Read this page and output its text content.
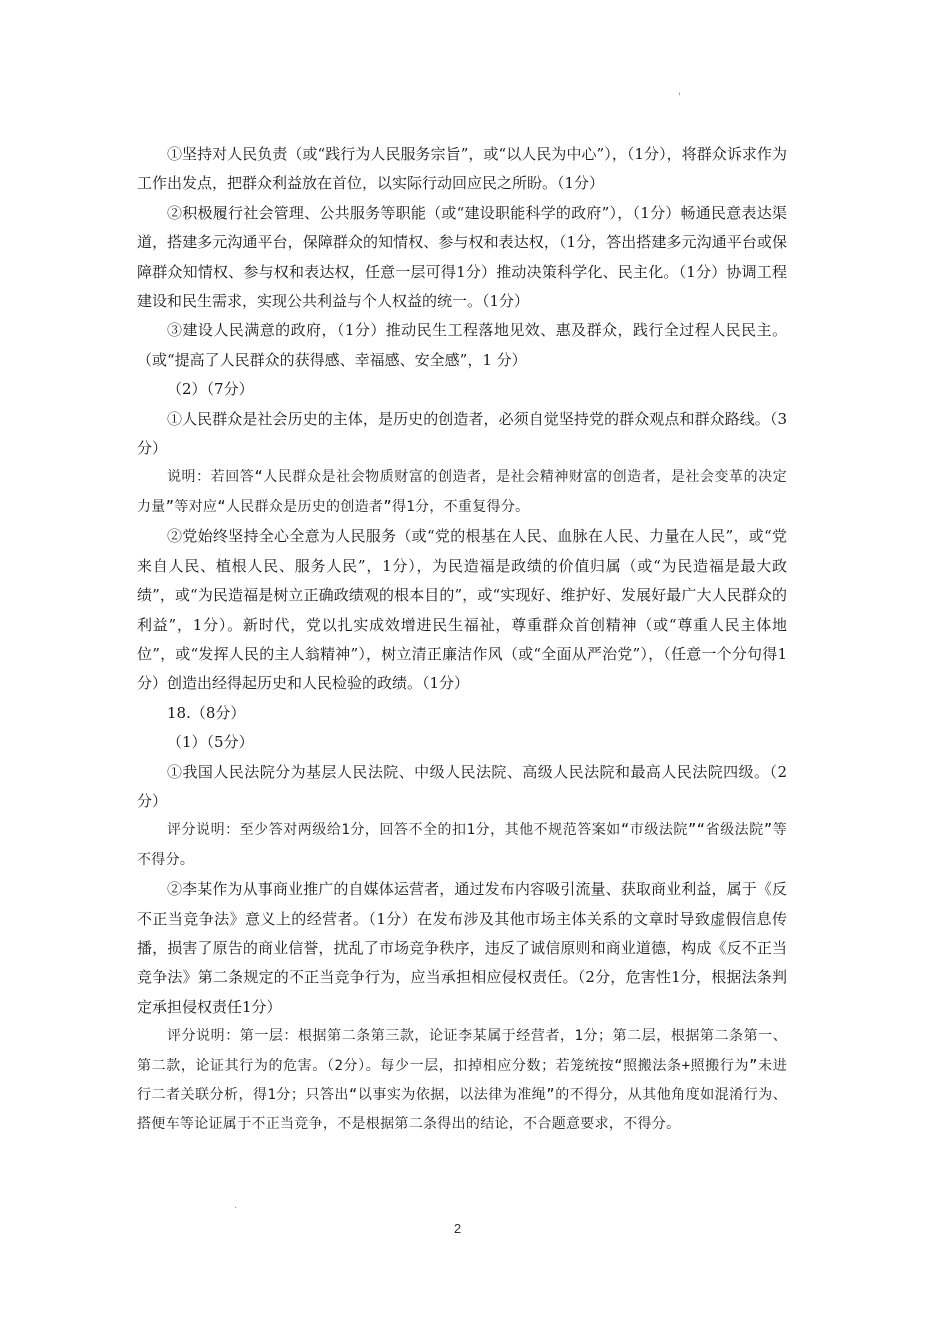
'

①坚持对人民负责（或“践行为人民服务宗旨”，或“以人民为中心”），（1分），将群众诉求作为工作出发点，把群众利益放在首位，以实际行动回应民之所盼。（1分）

②积极履行社会管理、公共服务等职能（或“建设职能科学的政府”），（1分）畅通民意表达渠道，搭建多元沟通平台，保障群众的知情权、参与权和表达权，（1分，答出搭建多元沟通平台或保障群众知情权、参与权和表达权，任意一层可得1分）推动决策科学化、民主化。（1分）协调工程建设和民生需求，实现公共利益与个人权益的统一。（1分）

③建设人民满意的政府，（1分）推动民生工程落地见效、惠及群众，践行全过程人民民主。（或“提高了人民群众的获得感、幸福感、安全感”，1 分）

（2）（7分）

①人民群众是社会历史的主体，是历史的创造者，必须自觉坚持党的群众观点和群众路线。（3 分）

说明：若回答“人民群众是社会物质财富的创造者，是社会精神财富的创造者，是社会变革的决定力量”等对应“人民群众是历史的创造者”得1分，不重复得分。

②党始终坚持全心全意为人民服务（或“党的根基在人民、血脉在人民、力量在人民”，或“党来自人民、植根人民、服务人民”，1分），为民造福是政绩的价值归属（或“为民造福是最大政绩”，或“为民造福是树立正确政绩观的根本目的”，或“实现好、维护好、发展好最广大人民群众的利益”，1分）。新时代，党以扎实成效增进民生福祉，尊重群众首创精神（或“尊重人民主体地位”，或“发挥人民的主人翁精神”），树立清正廉洁作风（或“全面从严治党”），（任意一个分句得1分）创造出经得起历史和人民检验的政绩。（1分）

18.（8分）

（1）（5分）

①我国人民法院分为基层人民法院、中级人民法院、高级人民法院和最高人民法院四级。（2分）

评分说明：至少答对两级给1分，回答不全的扣1分，其他不规范答案如“市级法院”“省级法院”等不得分。

②李某作为从事商业推广的自媒体运营者，通过发布内容吸引流量、获取商业利益，属于《反不正当竞争法》意义上的经营者。（1分）在发布涉及其他市场主体关系的文章时导致虚假信息传播，损害了原告的商业信誉，扰乱了市场竞争秩序，违反了诚信原则和商业道德，构成《反不正当竞争法》第二条规定的不正当竞争行为，应当承担相应侵权责任。（2分，危害性1分，根据法条判定承担侵权责任1分）

评分说明：第一层：根据第二条第三款，论证李某属于经营者，1分；第二层，根据第二条第一、第二款，论证其行为的危害。（2分）。每少一层，扣掉相应分数；若笼统按“照搬法条+照搬行为”未进行二者关联分析，得1分；只答出“以事实为依据，以法律为准绳”的不得分，从其他角度如混淆行为、搭便车等论证属于不正当竞争，不是根据第二条得出的结论，不合题意要求，不得分。

.
2
